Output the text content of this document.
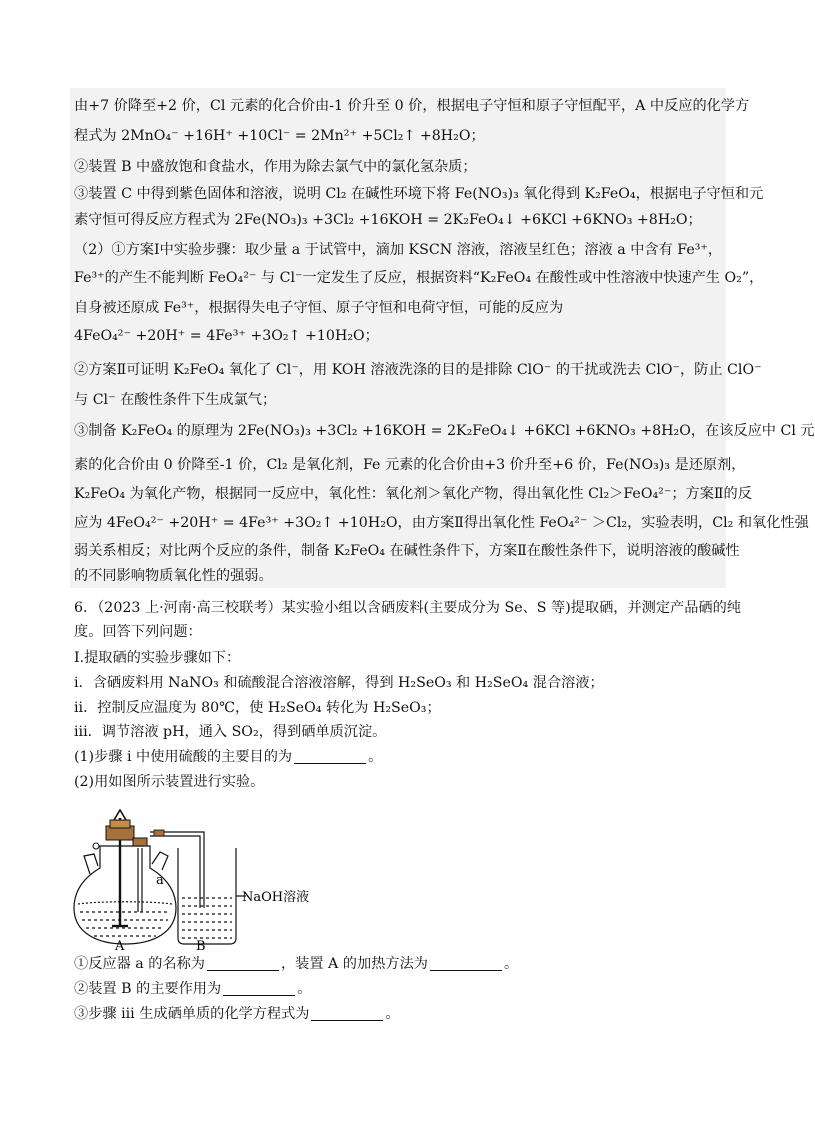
由+7 价降至+2 价，Cl 元素的化合价由-1 价升至 0 价，根据电子守恒和原子守恒配平，A 中反应的化学方
程式为 2MnO₄⁻ +16H⁺ +10Cl⁻ = 2Mn²⁺ +5Cl₂↑ +8H₂O；
②装置 B 中盛放饱和食盐水，作用为除去氯气中的氯化氢杂质；
③装置 C 中得到紫色固体和溶液，说明 Cl₂ 在碱性环境下将 Fe(NO₃)₃ 氧化得到 K₂FeO₄，根据电子守恒和元
素守恒可得反应方程式为 2Fe(NO₃)₃ +3Cl₂ +16KOH = 2K₂FeO₄↓ +6KCl +6KNO₃ +8H₂O；
（2）①方案Ⅰ中实验步骤：取少量 a 于试管中，滴加 KSCN 溶液，溶液呈红色；溶液 a 中含有 Fe³⁺，
Fe³⁺的产生不能判断 FeO₄²⁻ 与 Cl⁻一定发生了反应，根据资料“K₂FeO₄ 在酸性或中性溶液中快速产生 O₂”，
自身被还原成 Fe³⁺，根据得失电子守恒、原子守恒和电荷守恒，可能的反应为
4FeO₄²⁻ +20H⁺ = 4Fe³⁺ +3O₂↑ +10H₂O；
②方案Ⅱ可证明 K₂FeO₄ 氧化了 Cl⁻，用 KOH 溶液洗涤的目的是排除 ClO⁻ 的干扰或洗去 ClO⁻，防止 ClO⁻
与 Cl⁻ 在酸性条件下生成氯气；
③制备 K₂FeO₄ 的原理为 2Fe(NO₃)₃ +3Cl₂ +16KOH = 2K₂FeO₄↓ +6KCl +6KNO₃ +8H₂O，在该反应中 Cl 元
素的化合价由 0 价降至-1 价，Cl₂ 是氧化剂，Fe 元素的化合价由+3 价升至+6 价，Fe(NO₃)₃ 是还原剂，
K₂FeO₄ 为氧化产物，根据同一反应中，氧化性：氧化剂＞氧化产物，得出氧化性 Cl₂＞FeO₄²⁻；方案Ⅱ的反
应为 4FeO₄²⁻ +20H⁺ = 4Fe³⁺ +3O₂↑ +10H₂O，由方案Ⅱ得出氧化性 FeO₄²⁻ ＞Cl₂，实验表明，Cl₂ 和氧化性强
弱关系相反；对比两个反应的条件，制备 K₂FeO₄ 在碱性条件下，方案Ⅱ在酸性条件下，说明溶液的酸碱性
的不同影响物质氧化性的强弱。
6．（2023 上·河南·高三校联考）某实验小组以含硒废料(主要成分为 Se、S 等)提取硒，并测定产品硒的纯
度。回答下列问题：
Ⅰ.提取硒的实验步骤如下：
i．含硒废料用 NaNO₃ 和硫酸混合溶液溶解，得到 H₂SeO₃ 和 H₂SeO₄ 混合溶液；
ii．控制反应温度为 80℃，使 H₂SeO₄ 转化为 H₂SeO₃；
iii．调节溶液 pH，通入 SO₂，得到硒单质沉淀。
(1)步骤 i 中使用硫酸的主要目的为	。
(2)用如图所示装置进行实验。
a
NaOH溶液
A	B
①反应器 a 的名称为	，装置 A 的加热方法为	。
②装置 B 的主要作用为	。
③步骤 iii 生成硒单质的化学方程式为	。
